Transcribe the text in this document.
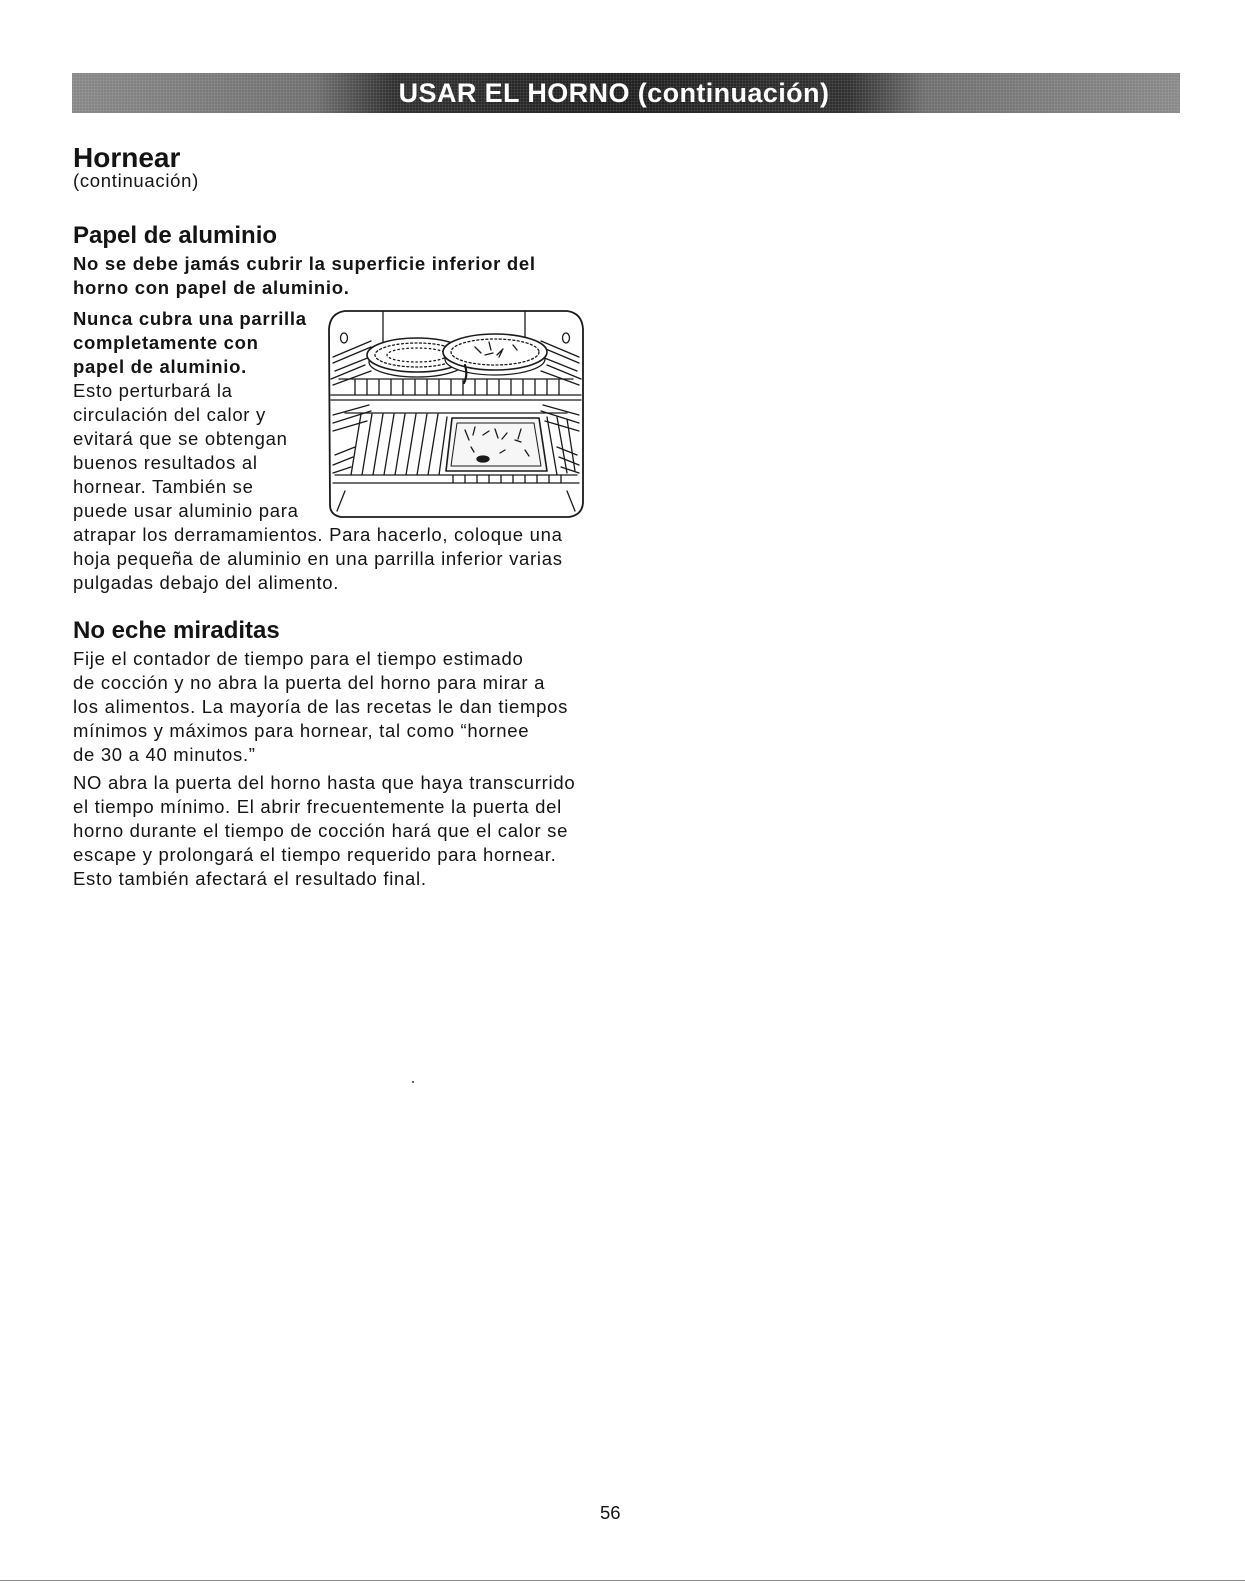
USAR EL HORNO (continuación)
Hornear
(continuación)
Papel de aluminio
No se debe jamás cubrir la superficie inferior del
horno con papel de aluminio.
Nunca cubra una parrilla
completamente con
papel de aluminio.
Esto perturbará la
circulación del calor y
evitará que se obtengan
buenos resultados al
hornear. También se
puede usar aluminio para
atrapar los derramamientos. Para hacerlo, coloque una
hoja pequeña de aluminio en una parrilla inferior varias
pulgadas debajo del alimento.
No eche miraditas
Fije el contador de tiempo para el tiempo estimado
de cocción y no abra la puerta del horno para mirar a
los alimentos. La mayoría de las recetas le dan tiempos
mínimos y máximos para hornear, tal como “hornee
de 30 a 40 minutos.”
NO abra la puerta del horno hasta que haya transcurrido
el tiempo mínimo. El abrir frecuentemente la puerta del
horno durante el tiempo de cocción hará que el calor se
escape y prolongará el tiempo requerido para hornear.
Esto también afectará el resultado final.
56
